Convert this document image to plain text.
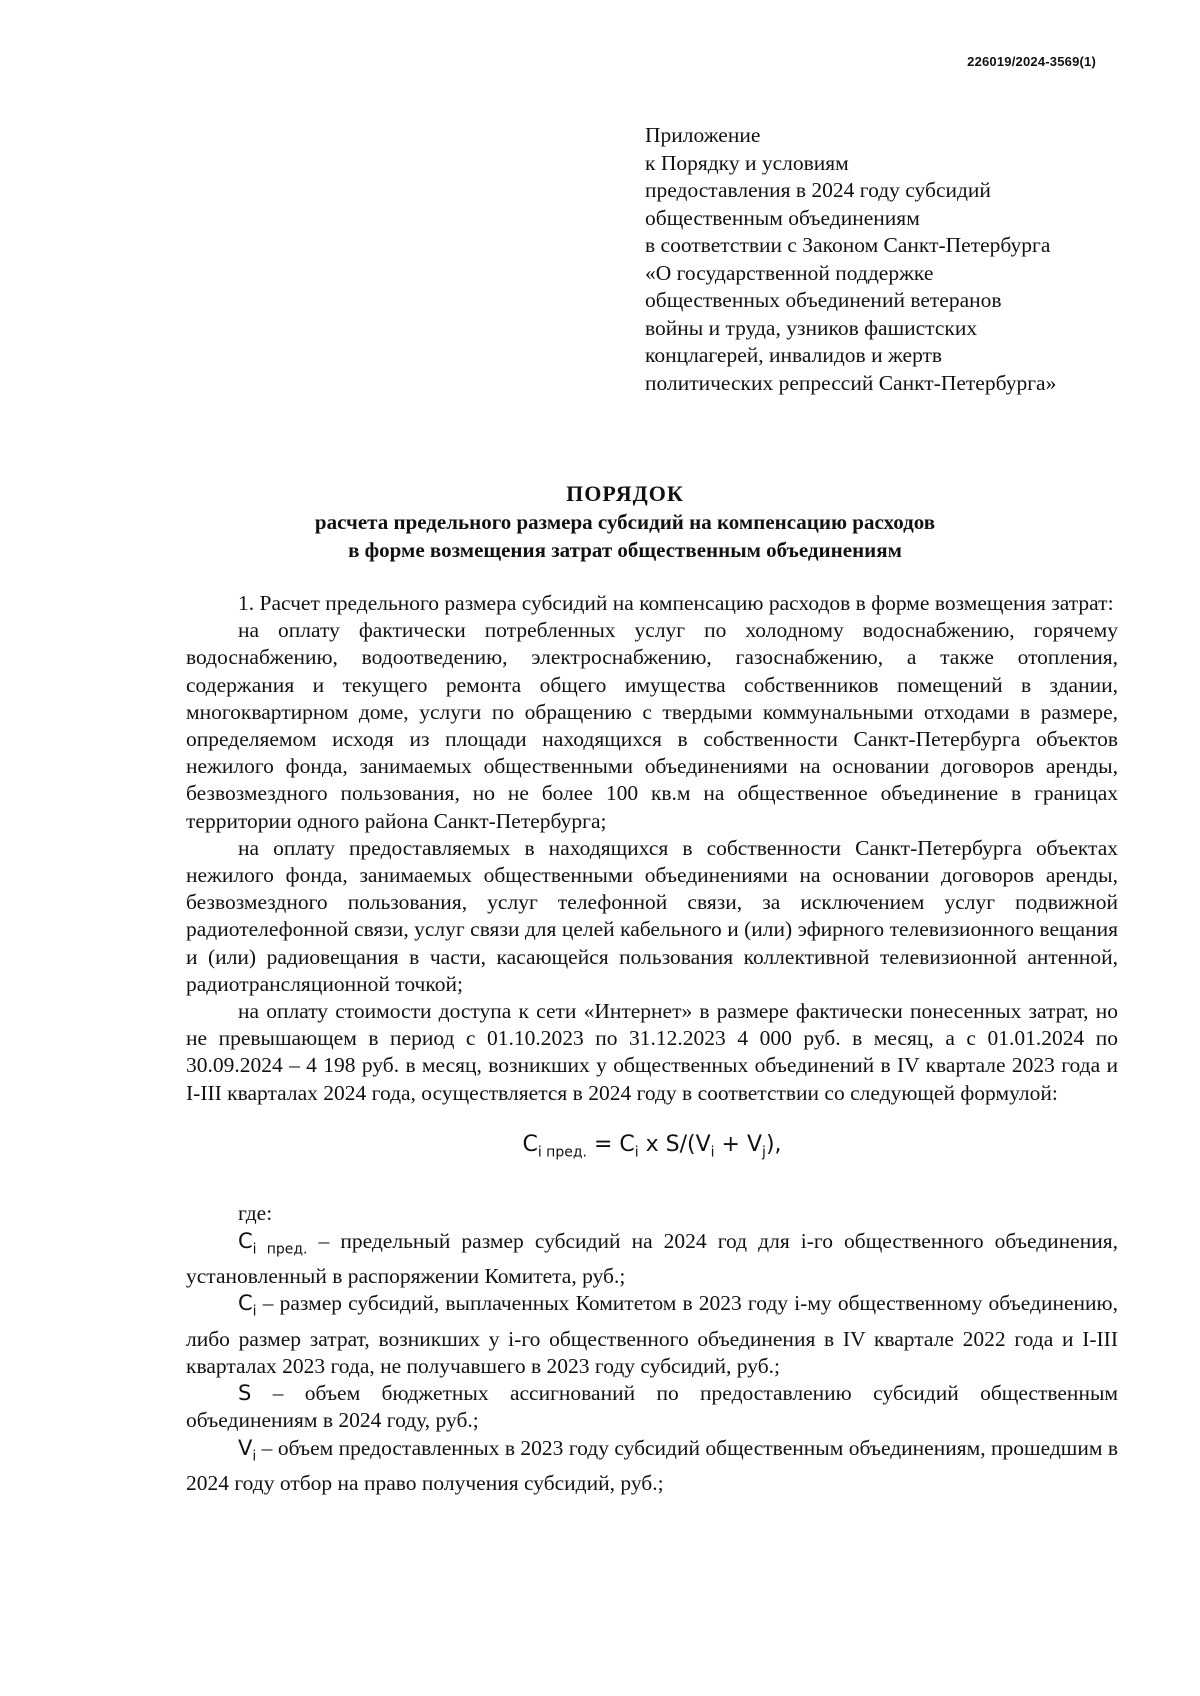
226019/2024-3569(1)
Приложение
к Порядку и условиям
предоставления в 2024 году субсидий
общественным объединениям
в соответствии с Законом Санкт-Петербурга
«О государственной поддержке
общественных объединений ветеранов
войны и труда, узников фашистских
концлагерей, инвалидов и жертв
политических репрессий Санкт-Петербурга»
ПОРЯДОК
расчета предельного размера субсидий на компенсацию расходов
в форме возмещения затрат общественным объединениям

1. Расчет предельного размера субсидий на компенсацию расходов в форме возмещения затрат:

на оплату фактически потребленных услуг по холодному водоснабжению, горячему водоснабжению, водоотведению, электроснабжению, газоснабжению, а также отопления, содержания и текущего ремонта общего имущества собственников помещений в здании, многоквартирном доме, услуги по обращению с твердыми коммунальными отходами в размере, определяемом исходя из площади находящихся в собственности Санкт-Петербурга объектов нежилого фонда, занимаемых общественными объединениями на основании договоров аренды, безвозмездного пользования, но не более 100 кв.м на общественное объединение в границах территории одного района Санкт-Петербурга;

на оплату предоставляемых в находящихся в собственности Санкт-Петербурга объектах нежилого фонда, занимаемых общественными объединениями на основании договоров аренды, безвозмездного пользования, услуг телефонной связи, за исключением услуг подвижной радиотелефонной связи, услуг связи для целей кабельного и (или) эфирного телевизионного вещания и (или) радиовещания в части, касающейся пользования коллективной телевизионной антенной, радиотрансляционной точкой;

на оплату стоимости доступа к сети «Интернет» в размере фактически понесенных затрат, но не превышающем в период с 01.10.2023 по 31.12.2023 4 000 руб. в месяц, а с 01.01.2024 по 30.09.2024 – 4 198 руб. в месяц, возникших у общественных объединений в IV квартале 2023 года и I-III кварталах 2024 года, осуществляется в 2024 году в соответствии со следующей формулой:

$C_{i пред.} = C_i$ x $S/(V_i + V_j)$,
где:

$C_{i пред.}$ – предельный размер субсидий на 2024 год для i-го общественного объединения, установленный в распоряжении Комитета, руб.;

$C_i$ – размер субсидий, выплаченных Комитетом в 2023 году i-му общественному объединению, либо размер затрат, возникших у i-го общественного объединения в IV квартале 2022 года и I-III кварталах 2023 года, не получавшего в 2023 году субсидий, руб.;

S – объем бюджетных ассигнований по предоставлению субсидий общественным объединениям в 2024 году, руб.;

$V_i$ – объем предоставленных в 2023 году субсидий общественным объединениям, прошедшим в 2024 году отбор на право получения субсидий, руб.;
